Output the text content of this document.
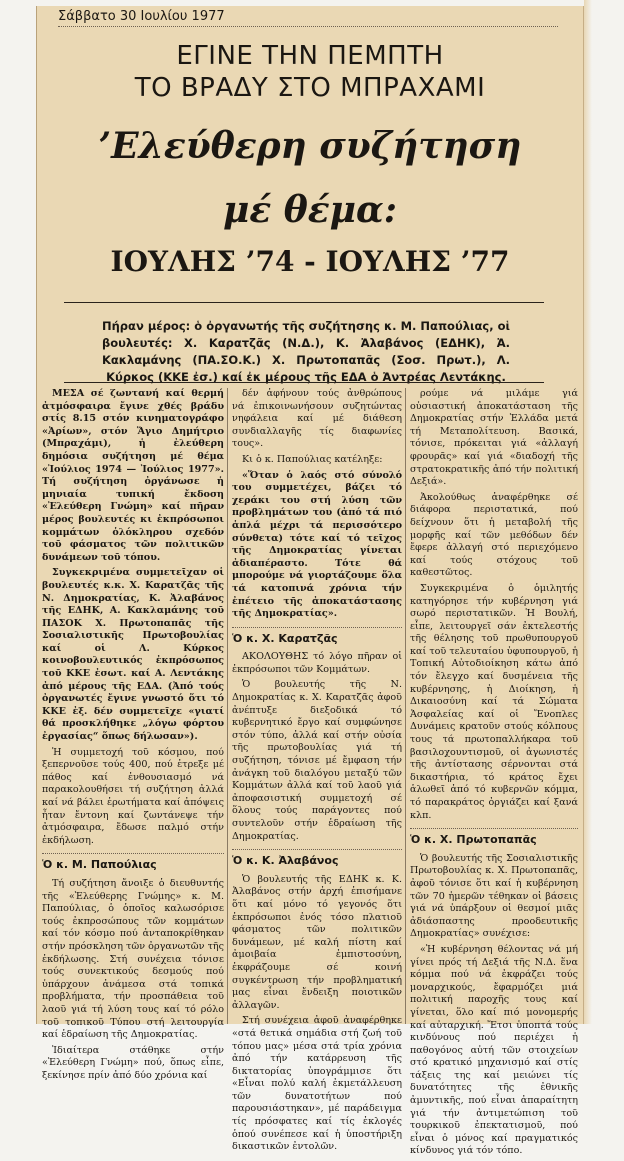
Σάββατο 30 Ιουλίου 1977
ΕΓΙΝΕ ΤΗΝ ΠΕΜΠΤΗ
ΤΟ ΒΡΑΔΥ ΣΤΟ ΜΠΡΑΧΑΜΙ
’Ελεύθερη συζήτηση
μέ θέμα:
ΙΟΥΛΗΣ ’74 - ΙΟΥΛΗΣ ’77
Πήραν μέρος: ὁ ὀργανωτής τῆς συζήτησης κ. Μ. Παπούλιας, οἱ βουλευτές: Χ. Καρατζᾶς (Ν.Δ.), Κ. Ἀλαβάνος (ΕΔΗΚ), Ἀ. Κακλαμάνης (ΠΑ.ΣΟ.Κ.) Χ. Πρωτοπαπᾶς (Σοσ. Πρωτ.), Λ. Κύρκος (ΚΚΕ ἐσ.) καί ἐκ μέρους τῆς ΕΔΑ ὁ Ἀντρέας Λεντάκης.

ΜΕΣΑ σέ ζωντανή καί θερμή ἀτμόσφαιρα ἔγινε χθές βράδυ στίς 8.15 στόν κινηματογράφο «Ἀρίων», στόν Ἅγιο Δημήτριο (Μπραχάμι), ἡ ἐλεύθερη δημόσια συζήτηση μέ θέμα «Ἰούλιος 1974 — Ἰούλιος 1977». Τή συζήτηση ὀργάνωσε ἡ μηνιαία τυπική ἔκδοση «Ἐλεύθερη Γνώμη» καί πῆραν μέρος βουλευτές κι ἐκπρόσωποι κομμάτων ὁλόκληρου σχεδόν τοῦ φάσματος τῶν πολιτικῶν δυνάμεων τοῦ τόπου.

Συγκεκριμένα συμμετεῖχαν οἱ βουλευτές κ.κ. Χ. Καρατζᾶς τῆς Ν. Δημοκρατίας, Κ. Ἀλαβάνος τῆς ΕΔΗΚ, Α. Κακλαμάνης τοῦ ΠΑΣΟΚ Χ. Πρωτοπαπᾶς τῆς Σοσιαλιστικῆς Πρωτοβουλίας καί οἱ Λ. Κύρκος κοινοβουλευτικός ἐκπρόσωπος τοῦ ΚΚΕ ἐσωτ. καί Α. Λεντάκης ἀπό μέρους τῆς ΕΔΑ. (Ἀπό τούς ὀργανωτές ἔγινε γνωστό ὅτι τό ΚΚΕ ἐξ. δέν συμμετεῖχε «γιατί θά προσκλήθηκε „λόγω φόρτου ἐργασίας“ ὅπως δήλωσαν»).

Ἡ συμμετοχή τοῦ κόσμου, πού ξεπερνοῦσε τούς 400, πού ἐτρεξε μέ πάθος καί ἐνθουσιασμό νά παρακολουθήσει τή συζήτηση ἀλλά καί νά βάλει ἐρωτήματα καί ἀπόψεις ἦταν ἔντονη καί ζωντάνεψε τήν ἀτμόσφαιρα, ἔδωσε παλμό στήν ἐκδήλωση.

Ὁ κ. Μ. Παπούλιας

Τή συζήτηση ἄνοιξε ὁ διευθυντής τῆς «Ἐλεύθερης Γνώμης» κ. Μ. Παπούλιας, ὁ ὁποῖος καλωσόρισε τούς ἐκπροσώπους τῶν κομμάτων καί τόν κόσμο πού ἀνταποκρίθηκαν στήν πρόσκληση τῶν ὀργανωτῶν τῆς ἐκδήλωσης. Στή συνέχεια τόνισε τούς συνεκτικούς δεσμούς πού ὑπάρχουν ἀνάμεσα στά τοπικά προβλήματα, τήν προσπάθεια τοῦ λαοῦ γιά τή λύση τους καί τό ρόλο τοῦ τοπικοῦ Τύπου στή λειτουργία καί ἑδραίωση τῆς Δημοκρατίας.

Ἰδιαίτερα στάθηκε στήν «Ἐλεύθερη Γνώμη» πού, ὅπως εἶπε, ξεκίνησε πρίν ἀπό δύο χρόνια καί

δέν ἀφήνουν τούς ἀνθρώπους νά ἐπικοινωνήσουν συζητώντας νηφάλεια καί μέ διάθεση συνδιαλλαγῆς τίς διαφωνίες τους».

Κι ὁ κ. Παπούλιας κατέληξε:

«Ὅταν ὁ λαός στό σύνολό του συμμετέχει, βάζει τό χεράκι του στή λύση τῶν προβλημάτων του (ἀπό τά πιό ἁπλά μέχρι τά περισσότερο σύνθετα) τότε καί τό τεῖχος τῆς Δημοκρατίας γίνεται ἀδιαπέραστο. Τότε θά μπορούμε νά γιορτάζουμε ὅλα τά κατοπινά χρόνια τήν ἐπέτειο τῆς ἀποκατάστασης τῆς Δημοκρατίας».

Ὁ κ. Χ. Καρατζᾶς

ΑΚΟΛΟΥΘΗΣ τό λόγο πῆραν οἱ ἐκπρόσωποι τῶν Κομμάτων.

Ὁ βουλευτής τῆς Ν. Δημοκρατίας κ. Χ. Καρατζᾶς ἀφοῦ ἀνέπτυξε διεξοδικά τό κυβερνητικό ἔργο καί συμφώνησε στόν τύπο, ἀλλά καί στήν οὐσία τῆς πρωτοβουλίας γιά τή συζήτηση, τόνισε μέ ἔμφαση τήν ἀνάγκη τοῦ διαλόγου μεταξύ τῶν Κομμάτων ἀλλά καί τοῦ λαοῦ γιά ἀποφασιστική συμμετοχή σέ ὅλους τούς παράγοντες πού συντελοῦν στήν ἑδραίωση τῆς Δημοκρατίας.

Ὁ κ. Κ. Ἀλαβάνος

Ὁ βουλευτής τῆς ΕΔΗΚ κ. Κ. Ἀλαβάνος στήν ἀρχή ἐπισήμανε ὅτι καί μόνο τό γεγονός ὅτι ἐκπρόσωποι ἑνός τόσο πλατιοῦ φάσματος τῶν πολιτικῶν δυνάμεων, μέ καλή πίστη καί ἀμοιβαία ἐμπιστοσύνη, ἐκφράζουμε σέ κοινή συγκέντρωση τήν προβληματική μας εἶναι ἔνδειξη ποιοτικῶν ἀλλαγῶν.

Στή συνέχεια ἀφοῦ ἀναφέρθηκε «στά θετικά σημάδια στή ζωή τοῦ τόπου μας» μέσα στά τρία χρόνια ἀπό τήν κατάρρευση τῆς δικτατορίας ὑπογράμμισε ὅτι «Εἶναι πολύ καλή ἐκμετάλλευση τῶν δυνατοτήτων πού παρουσιάστηκαν», μέ παράδειγμα τίς πρόσφατες καί τίς ἐκλογές ὁπού συνέπεσε καί ἡ ὑποστήριξη δικαστικῶν ἐντολῶν.

ρούμε νά μιλάμε γιά οὐσιαστική ἀποκατάσταση τῆς Δημοκρατίας στήν Ἑλλάδα μετά τή Μεταπολίτευση. Βασικά, τόνισε, πρόκειται γιά «ἀλλαγή φρουρᾶς» καί γιά «διαδοχή τῆς στρατοκρατικῆς ἀπό τήν πολιτική Δεξιά».

Ἀκολούθως ἀναφέρθηκε σέ διάφορα περιστατικά, πού δείχνουν ὅτι ἡ μεταβολή τῆς μορφῆς καί τῶν μεθόδων δέν ἔφερε ἀλλαγή στό περιεχόμενο καί τούς στόχους τοῦ καθεστῶτος.

Συγκεκριμένα ὁ ὁμιλητής κατηγόρησε τήν κυβέρνηση γιά σωρό περιστατικῶν. Ἡ Βουλή, εἶπε, λειτουργεῖ σάν ἐκτελεστής τῆς θέλησης τοῦ πρωθυπουργοῦ καί τοῦ τελευταίου ὑφυπουργοῦ, ἡ Τοπική Αὐτοδιοίκηση κάτω ἀπό τόν ἔλεγχο καί δυσμένεια τῆς κυβέρνησης, ἡ Διοίκηση, ἡ Δικαιοσύνη καί τά Σώματα Ἀσφαλείας καί οἱ Ἔνοπλες Δυνάμεις κρατοῦν στούς κόλπους τους τά πρωτοπαλλήκαρα τοῦ βασιλοχουντισμοῦ, οἱ ἀγωνιστές τῆς ἀντίστασης σέρνονται στά δικαστήρια, τό κράτος ἔχει ἁλωθεῖ ἀπό τό κυβερνῶν κόμμα, τό παρακράτος ὀργιάζει καί ξανά κλπ.

Ὁ κ. Χ. Πρωτοπαπᾶς

Ὁ βουλευτής τῆς Σοσιαλιστικῆς Πρωτοβουλίας κ. Χ. Πρωτοπαπᾶς, ἀφοῦ τόνισε ὅτι καί ἡ κυβέρνηση τῶν 70 ἡμερῶν τέθηκαν οἱ βάσεις γιά νά ὑπάρξουν οἱ θεσμοί μιᾶς ἀδιάσπαστης προοδευτικῆς Δημοκρατίας» συνέχισε:

«Ἡ κυβέρνηση θέλοντας νά μή γίνει πρός τή Δεξιά τῆς Ν.Δ. ἕνα κόμμα πού νά ἐκφράζει τούς μοναρχικούς, ἔφαρμόζει μιά πολιτική παροχῆς τους καί γίνεται, ὅλο καί πιό μονομερής καί αὐταρχική. Ἔτσι ὑποπτά τούς κινδύνους πού περιέχει ἡ παθογόνος αὐτή τῶν στοιχείων στό κρατικό μηχανισμό καί στίς τάξεις της καί μειώνει τίς δυνατότητες τῆς ἐθνικῆς ἀμυντικῆς, πού εἶναι ἀπαραίτητη γιά τήν ἀντιμετώπιση τοῦ τουρκικοῦ ἐπεκτατισμοῦ, πού εἶναι ὁ μόνος καί πραγματικός κίνδυνος γιά τόν τόπο.
